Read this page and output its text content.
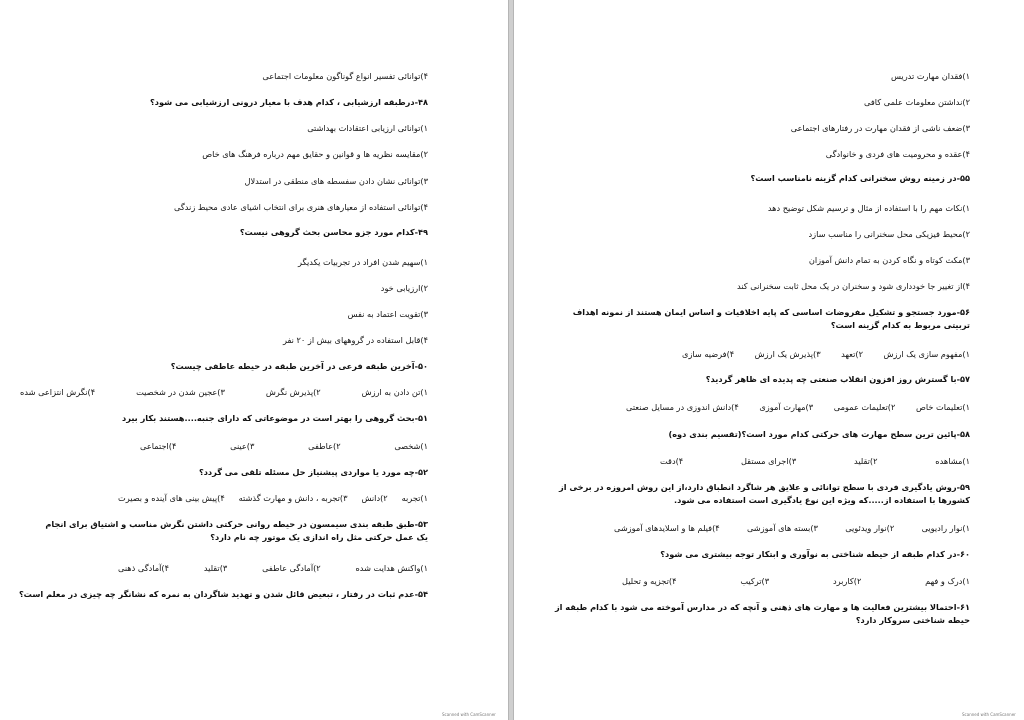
۴)توانائی تفسیر انواع گوناگون معلومات اجتماعی
۴۸-درطبقه ارزشیابی ، کدام هدف با معیار درونی ارزشیابی می شود؟
۱)توانائی ارزیابی اعتقادات بهداشتی
۲)مقایسه نظریه ها و قوانین و حقایق مهم درباره فرهنگ های خاص
۳)توانائی نشان دادن سفسطه های منطقی در استدلال
۴)توانائی استفاده از معیارهای هنری برای انتخاب اشیای عادی محیط زندگی
۴۹-کدام مورد جزو محاسن بحث گروهی نیست؟
۱)سهیم شدن افراد در تجربیات یکدیگر
۲)ارزیابی خود
۳)تقویت اعتماد به نفس
۴)قابل استفاده در گروههای بیش از ۲۰ نفر
۵۰-آخرین طبقه فرعی در آخرین طبقه در حیطه عاطفی چیست؟
۱)تن دادن به ارزش
۲)پذیرش نگرش
۳)عجین شدن در شخصیت
۴)نگرش انتزاعی شده
۵۱-بحث گروهی را بهتر است در موضوعاتی که دارای جنبه....هستند بکار بیرد
۱)شخصی
۲)عاطفی
۳)عینی
۴)اجتماعی
۵۲-چه مورد یا مواردی پیشنیاز حل مسئله تلقی می گردد؟
۱)تجربه
۲)دانش
۳)تجربه ، دانش و مهارت گذشته
۴)پیش بینی های آینده و بصیرت
۵۳-طبق طبقه بندی سیمسون در حیطه روانی حرکتی داشتن نگرش مناسب و اشتیاق برای انجام یک عمل حرکتی مثل راه اندازی یک موتور چه نام دارد؟
۱)واکنش هدایت شده
۲)آمادگی عاطفی
۳)تقلید
۴)آمادگی ذهنی
۵۴-عدم ثبات در رفتار ، تبعیض قائل شدن و تهدید شاگردان به نمره که نشانگر چه چیزی در معلم است؟
Scanned with CamScanner
۱)فقدان مهارت تدریس
۲)نداشتن معلومات علمی کافی
۳)ضعف ناشی از فقدان مهارت در رفتارهای اجتماعی
۴)عقده و محرومیت های فردی و خانوادگی
۵۵-در زمینه روش سخنرانی کدام گزینه نامناسب است؟
۱)نکات مهم را با استفاده از مثال و ترسیم شکل توضیح دهد
۲)محیط فیزیکی محل سخنرانی را مناسب سازد
۳)مکث کوتاه و نگاه کردن به تمام دانش آموزان
۴)از تغییر جا خودداری شود و سخنران در یک محل ثابت سخنرانی کند
۵۶-مورد جستجو و تشکیل مفروضات اساسی که پایه اخلاقیات و اساس ایمان هستند از نمونه اهداف تربیتی مربوط به کدام گزینه است؟
۱)مفهوم سازی یک ارزش
۲)تعهد
۳)پذیرش یک ارزش
۴)فرضیه سازی
۵۷-با گسترش روز افزون انقلاب صنعتی چه پدیده ای ظاهر گردید؟
۱)تعلیمات خاص
۲)تعلیمات عمومی
۳)مهارت آموزی
۴)دانش اندوزی در مسایل صنعتی
۵۸-پائین ترین سطح مهارت های حرکتی کدام مورد است؟(تقسیم بندی دوه)
۱)مشاهده
۲)تقلید
۳)اجرای مستقل
۴)دقت
۵۹-روش یادگیری فردی با سطح توانائی و علایق هر شاگرد انطباق دارد،از این روش امروزه در برخی از کشورها با استفاده از.....که ویژه این نوع یادگیری است استفاده می شود.
۱)نوار رادیویی
۲)نوار ویدئویی
۳)بسته های آموزشی
۴)فیلم ها و اسلایدهای آموزشی
۶۰-در کدام طبقه از حیطه شناختی به نوآوری و ابتکار توجه بیشتری می شود؟
۱)درک و فهم
۲)کاربرد
۳)ترکیب
۴)تجزیه و تحلیل
۶۱-احتمالا بیشترین فعالیت ها و مهارت های ذهنی و آنچه که در مدارس آموخته می شود با کدام طبقه از حیطه شناختی سروکار دارد؟
Scanned with CamScanner
